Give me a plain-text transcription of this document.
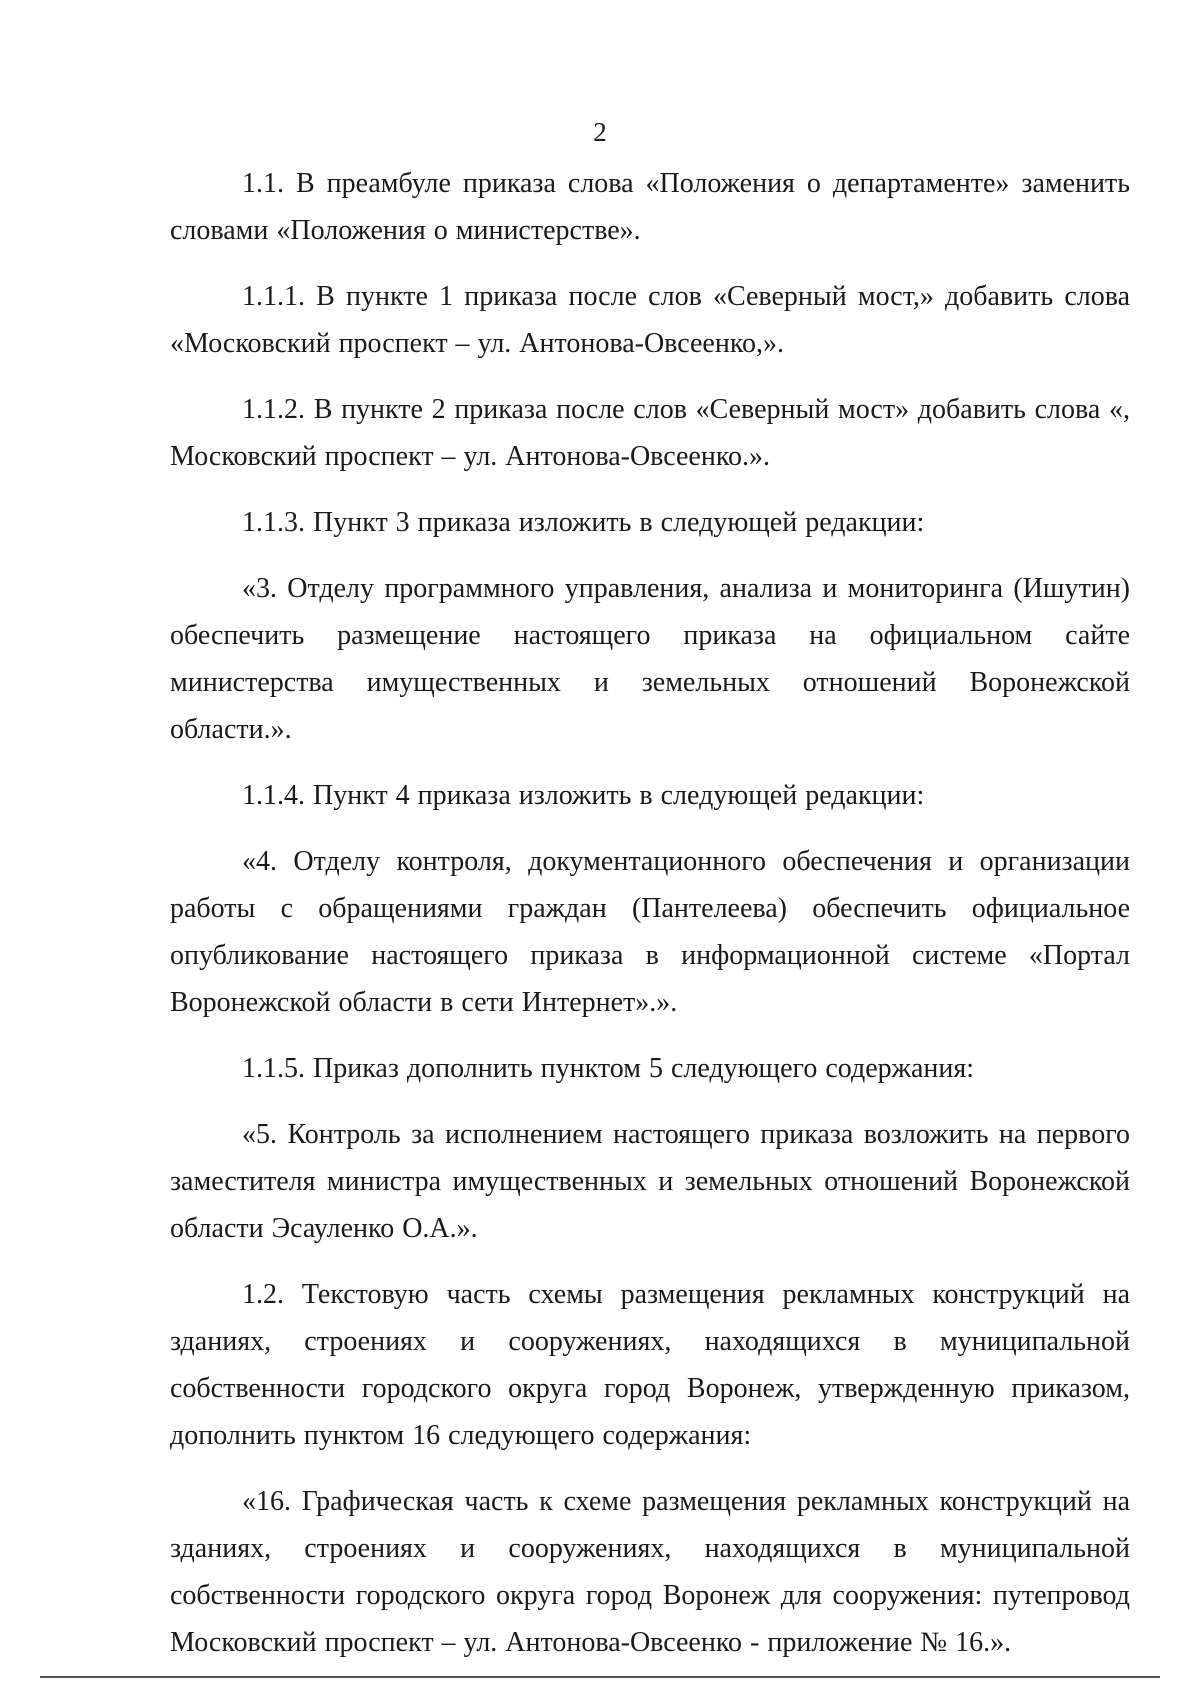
2

1.1. В преамбуле приказа слова «Положения о департаменте» заменить словами «Положения о министерстве».

1.1.1. В пункте 1 приказа после слов «Северный мост,» добавить слова «Московский проспект – ул. Антонова-Овсеенко,».

1.1.2. В пункте 2 приказа после слов «Северный мост» добавить слова «, Московский проспект – ул. Антонова-Овсеенко.».

1.1.3. Пункт 3 приказа изложить в следующей редакции:

«3. Отделу программного управления, анализа и мониторинга (Ишутин) обеспечить размещение настоящего приказа на официальном сайте министерства имущественных и земельных отношений Воронежской области.».

1.1.4. Пункт 4 приказа изложить в следующей редакции:

«4. Отделу контроля, документационного обеспечения и организации работы с обращениями граждан (Пантелеева) обеспечить официальное опубликование настоящего приказа в информационной системе «Портал Воронежской области в сети Интернет».».

1.1.5. Приказ дополнить пунктом 5 следующего содержания:

«5. Контроль за исполнением настоящего приказа возложить на первого заместителя министра имущественных и земельных отношений Воронежской области Эсауленко О.А.».

1.2. Текстовую часть схемы размещения рекламных конструкций на зданиях, строениях и сооружениях, находящихся в муниципальной собственности городского округа город Воронеж, утвержденную приказом, дополнить пунктом 16 следующего содержания:

«16. Графическая часть к схеме размещения рекламных конструкций на зданиях, строениях и сооружениях, находящихся в муниципальной собственности городского округа город Воронеж для сооружения: путепровод Московский проспект – ул. Антонова-Овсеенко - приложение № 16.».
